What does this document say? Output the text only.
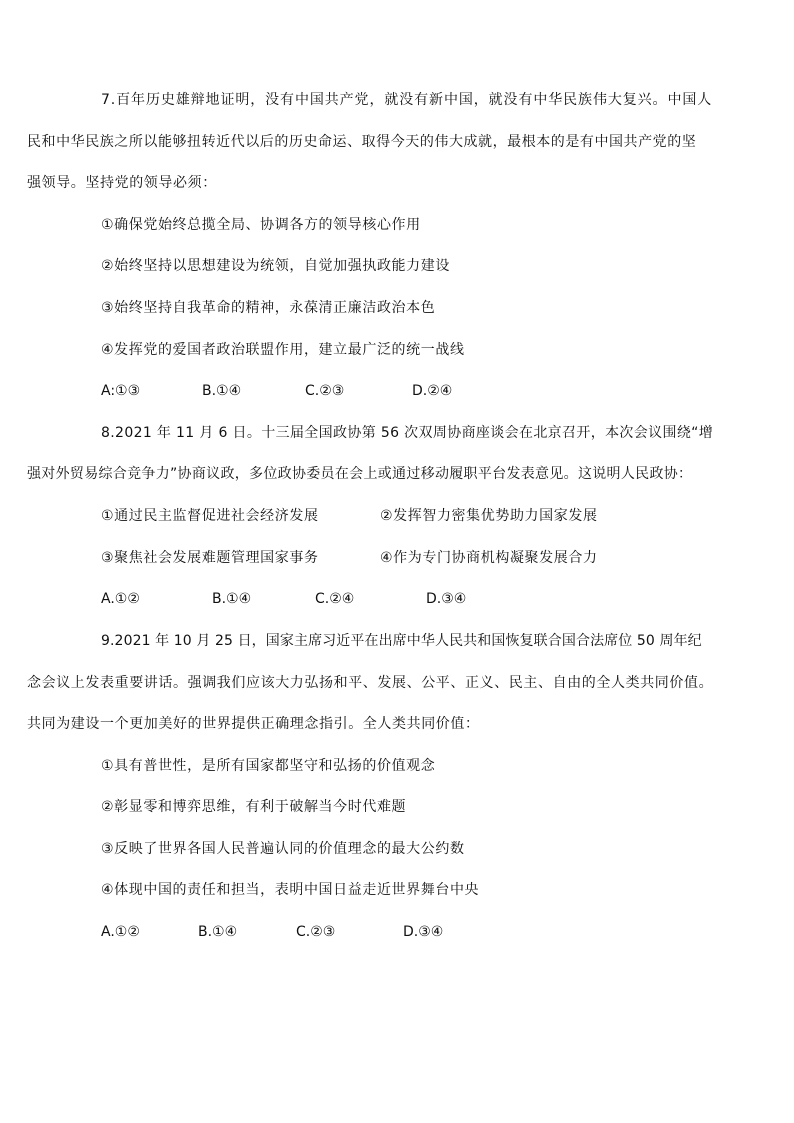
7.百年历史雄辩地证明，没有中国共产党，就没有新中国，就没有中华民族伟大复兴。中国人
民和中华民族之所以能够扭转近代以后的历史命运、取得今天的伟大成就，最根本的是有中国共产党的坚
强领导。坚持党的领导必须：
①确保党始终总揽全局、协调各方的领导核心作用
②始终坚持以思想建设为统领，自觉加强执政能力建设
③始终坚持自我革命的精神，永葆清正廉洁政治本色
④发挥党的爱国者政治联盟作用，建立最广泛的统一战线
A:①③	B.①④	C.②③	D.②④
8.2021 年 11 月 6 日。十三届全国政协第 56 次双周协商座谈会在北京召开，本次会议围绕“增
强对外贸易综合竞争力”协商议政，多位政协委员在会上或通过移动履职平台发表意见。这说明人民政协：
①通过民主监督促进社会经济发展	②发挥智力密集优势助力国家发展
③聚焦社会发展难题管理国家事务	④作为专门协商机构凝聚发展合力
A.①②	B.①④	C.②④	D.③④
9.2021 年 10 月 25 日，国家主席习近平在出席中华人民共和国恢复联合国合法席位 50 周年纪
念会议上发表重要讲话。强调我们应该大力弘扬和平、发展、公平、正义、民主、自由的全人类共同价值。
共同为建设一个更加美好的世界提供正确理念指引。全人类共同价值：
①具有普世性，是所有国家都坚守和弘扬的价值观念
②彰显零和博弈思维，有利于破解当今时代难题
③反映了世界各国人民普遍认同的价值理念的最大公约数
④体现中国的责任和担当，表明中国日益走近世界舞台中央
A.①②	B.①④	C.②③	D.③④
